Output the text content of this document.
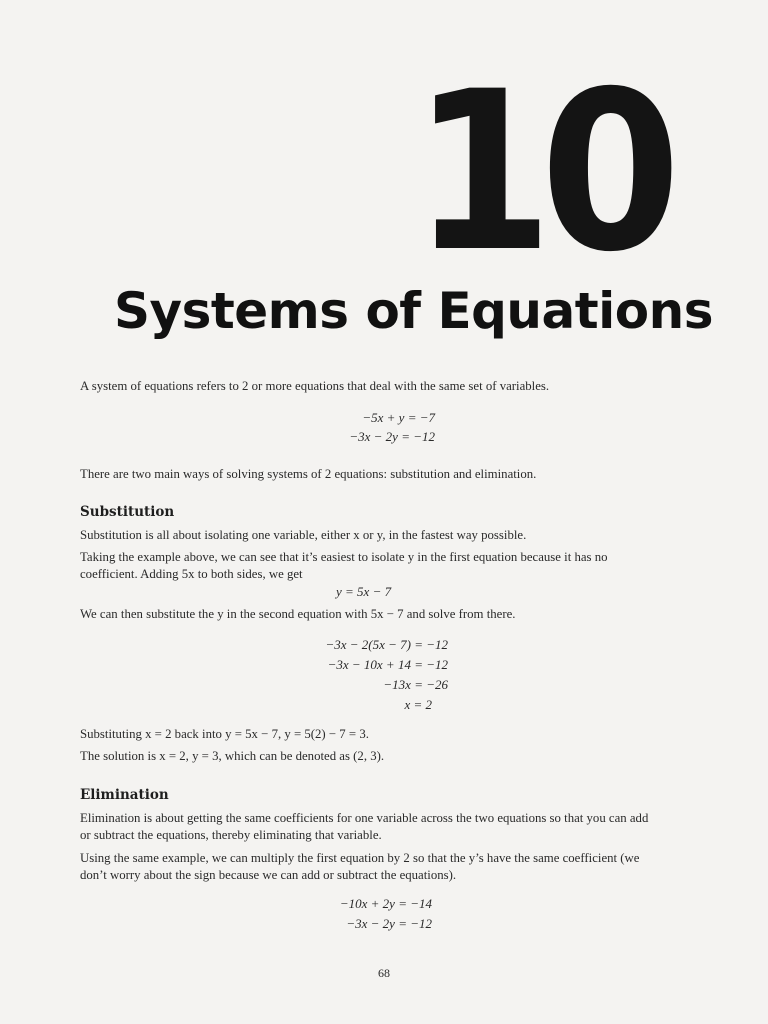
10
Systems of Equations
A system of equations refers to 2 or more equations that deal with the same set of variables.
−5x + y = −7
−3x − 2y = −12
There are two main ways of solving systems of 2 equations: substitution and elimination.
Substitution
Substitution is all about isolating one variable, either x or y, in the fastest way possible.
Taking the example above, we can see that it’s easiest to isolate y in the first equation because it has no
coefficient. Adding 5x to both sides, we get
y = 5x − 7
We can then substitute the y in the second equation with 5x − 7 and solve from there.
−3x − 2(5x − 7) = −12
−3x − 10x + 14 = −12
−13x = −26
x = 2
Substituting x = 2 back into y = 5x − 7, y = 5(2) − 7 = 3.
The solution is x = 2, y = 3, which can be denoted as (2, 3).
Elimination
Elimination is about getting the same coefficients for one variable across the two equations so that you can add
or subtract the equations, thereby eliminating that variable.
Using the same example, we can multiply the first equation by 2 so that the y’s have the same coefficient (we
don’t worry about the sign because we can add or subtract the equations).
−10x + 2y = −14
−3x − 2y = −12
68
